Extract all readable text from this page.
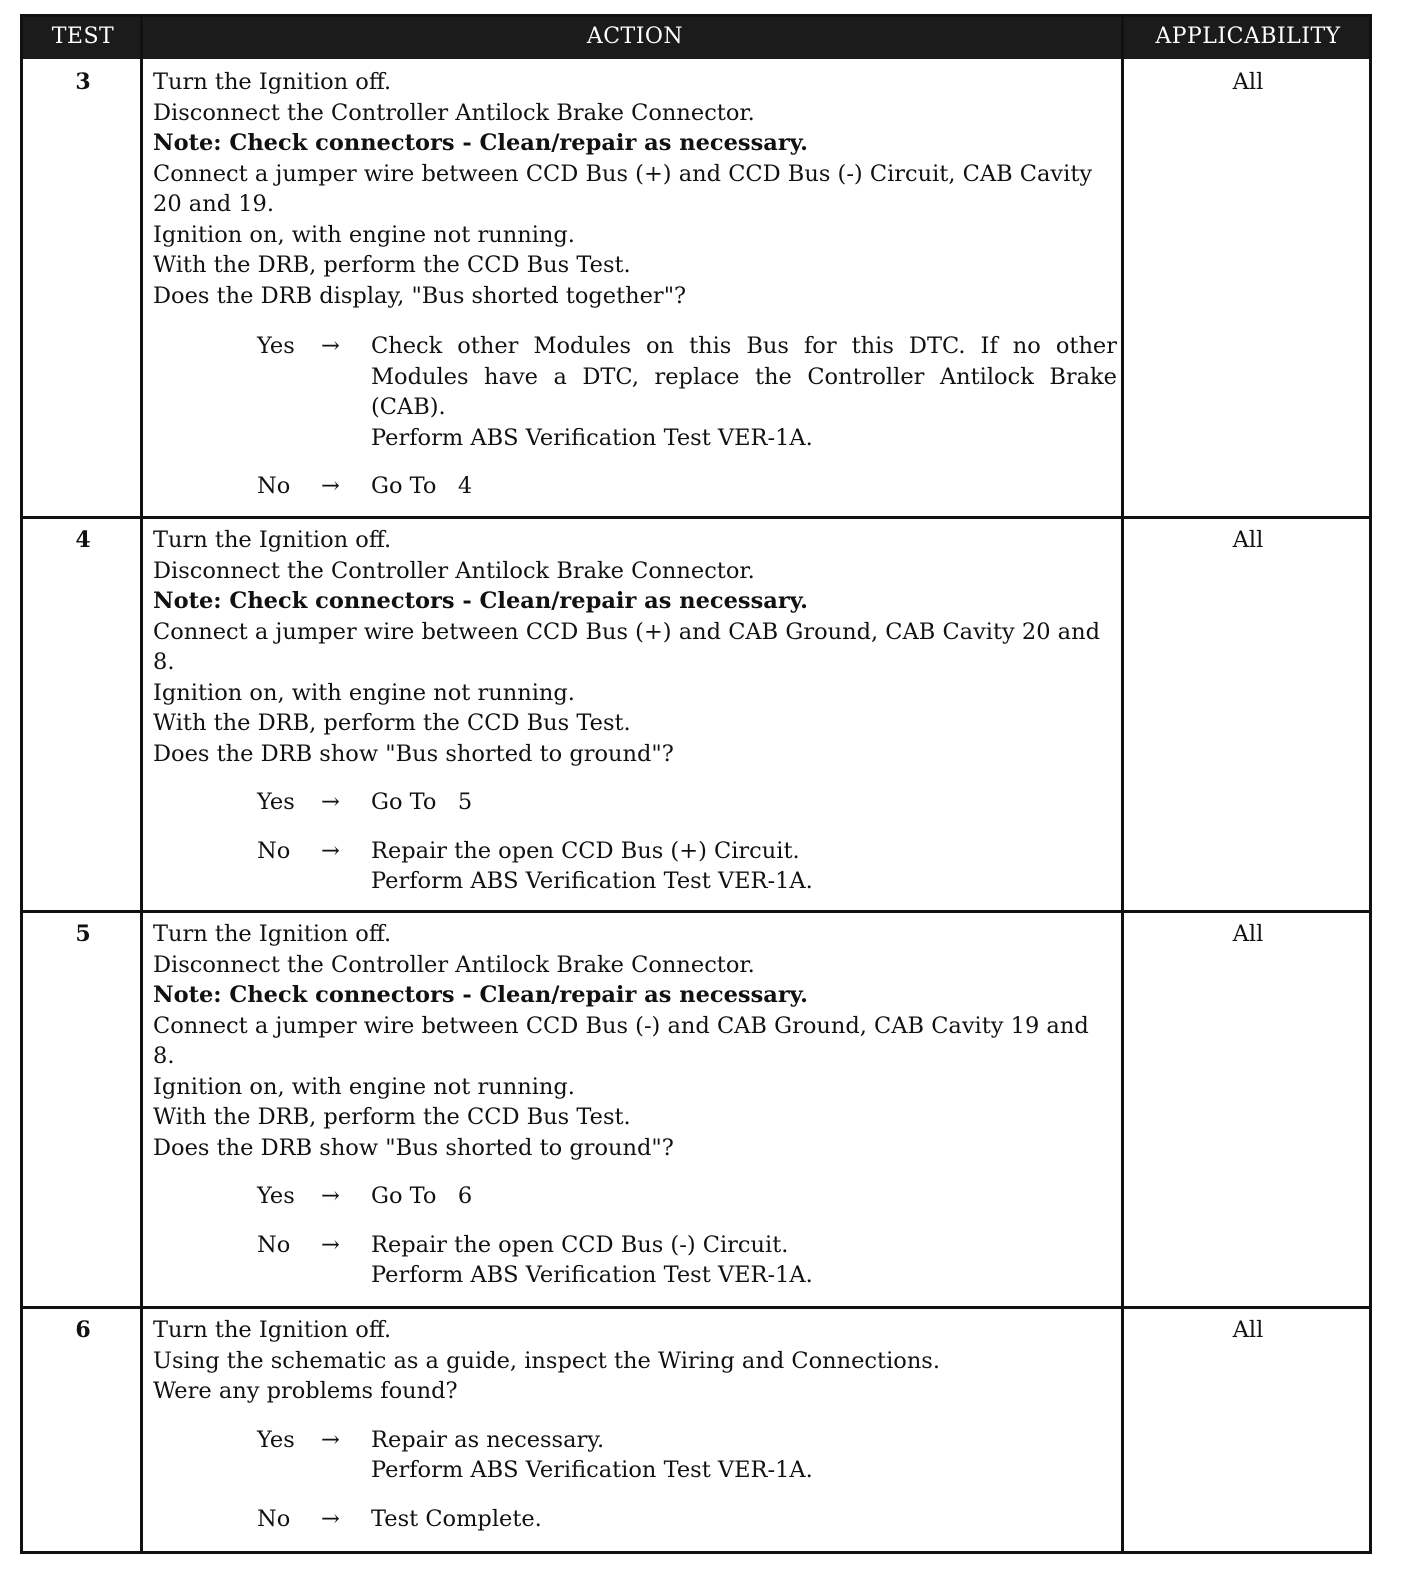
TEST	ACTION	APPLICABILITY
3	Turn the Ignition off.
Disconnect the Controller Antilock Brake Connector.
Note: Check connectors - Clean/repair as necessary.
Connect a jumper wire between CCD Bus (+) and CCD Bus (-) Circuit, CAB Cavity 20 and 19.
Ignition on, with engine not running.
With the DRB, perform the CCD Bus Test.
Does the DRB display, "Bus shorted together"?
Yes	→	Check other Modules on this Bus for this DTC. If no other Modules have a DTC, replace the Controller Antilock Brake (CAB).
Perform ABS Verification Test VER-1A.
No	→	Go To   4
All
4	Turn the Ignition off.
Disconnect the Controller Antilock Brake Connector.
Note: Check connectors - Clean/repair as necessary.
Connect a jumper wire between CCD Bus (+) and CAB Ground, CAB Cavity 20 and 8.
Ignition on, with engine not running.
With the DRB, perform the CCD Bus Test.
Does the DRB show "Bus shorted to ground"?
Yes	→	Go To   5
No	→	Repair the open CCD Bus (+) Circuit.
Perform ABS Verification Test VER-1A.
All
5	Turn the Ignition off.
Disconnect the Controller Antilock Brake Connector.
Note: Check connectors - Clean/repair as necessary.
Connect a jumper wire between CCD Bus (-) and CAB Ground, CAB Cavity 19 and 8.
Ignition on, with engine not running.
With the DRB, perform the CCD Bus Test.
Does the DRB show "Bus shorted to ground"?
Yes	→	Go To   6
No	→	Repair the open CCD Bus (-) Circuit.
Perform ABS Verification Test VER-1A.
All
6	Turn the Ignition off.
Using the schematic as a guide, inspect the Wiring and Connections.
Were any problems found?
Yes	→	Repair as necessary.
Perform ABS Verification Test VER-1A.
No	→	Test Complete.
All
